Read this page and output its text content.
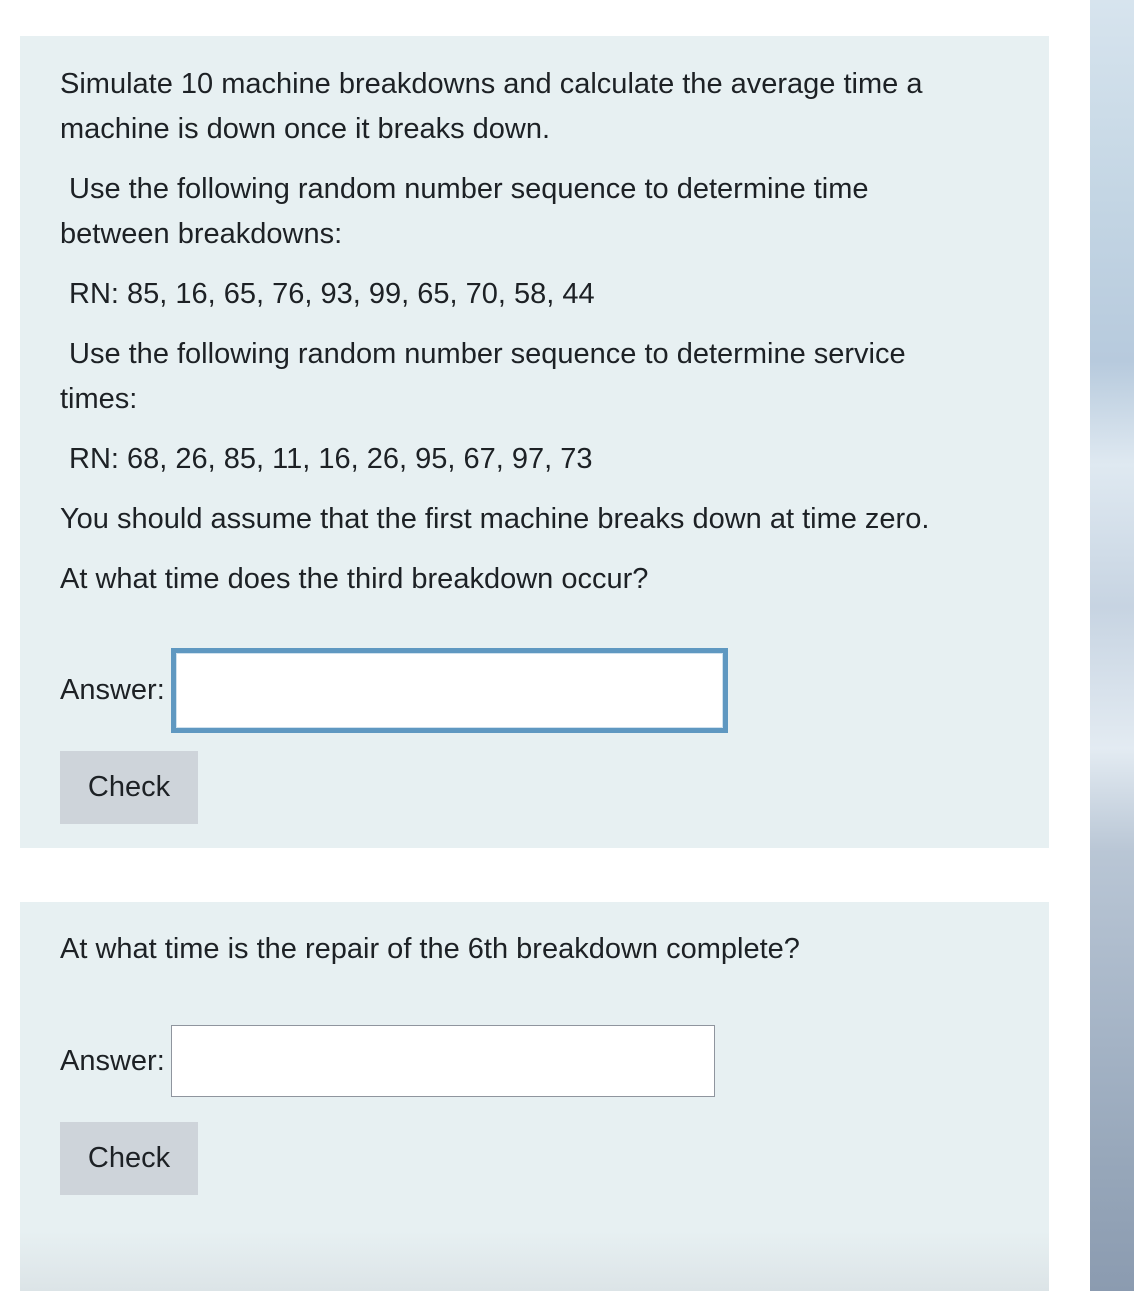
Simulate 10 machine breakdowns and calculate the average time a

machine is down once it breaks down.

Use the following random number sequence to determine time

between breakdowns:

RN: 85, 16, 65, 76, 93, 99, 65, 70, 58, 44

Use the following random number sequence to determine service

times:

RN: 68, 26, 85, 11, 16, 26, 95, 67, 97, 73

You should assume that the first machine breaks down at time zero.

At what time does the third breakdown occur?

Answer:
Check

At what time is the repair of the 6th breakdown complete?

Answer:
Check
